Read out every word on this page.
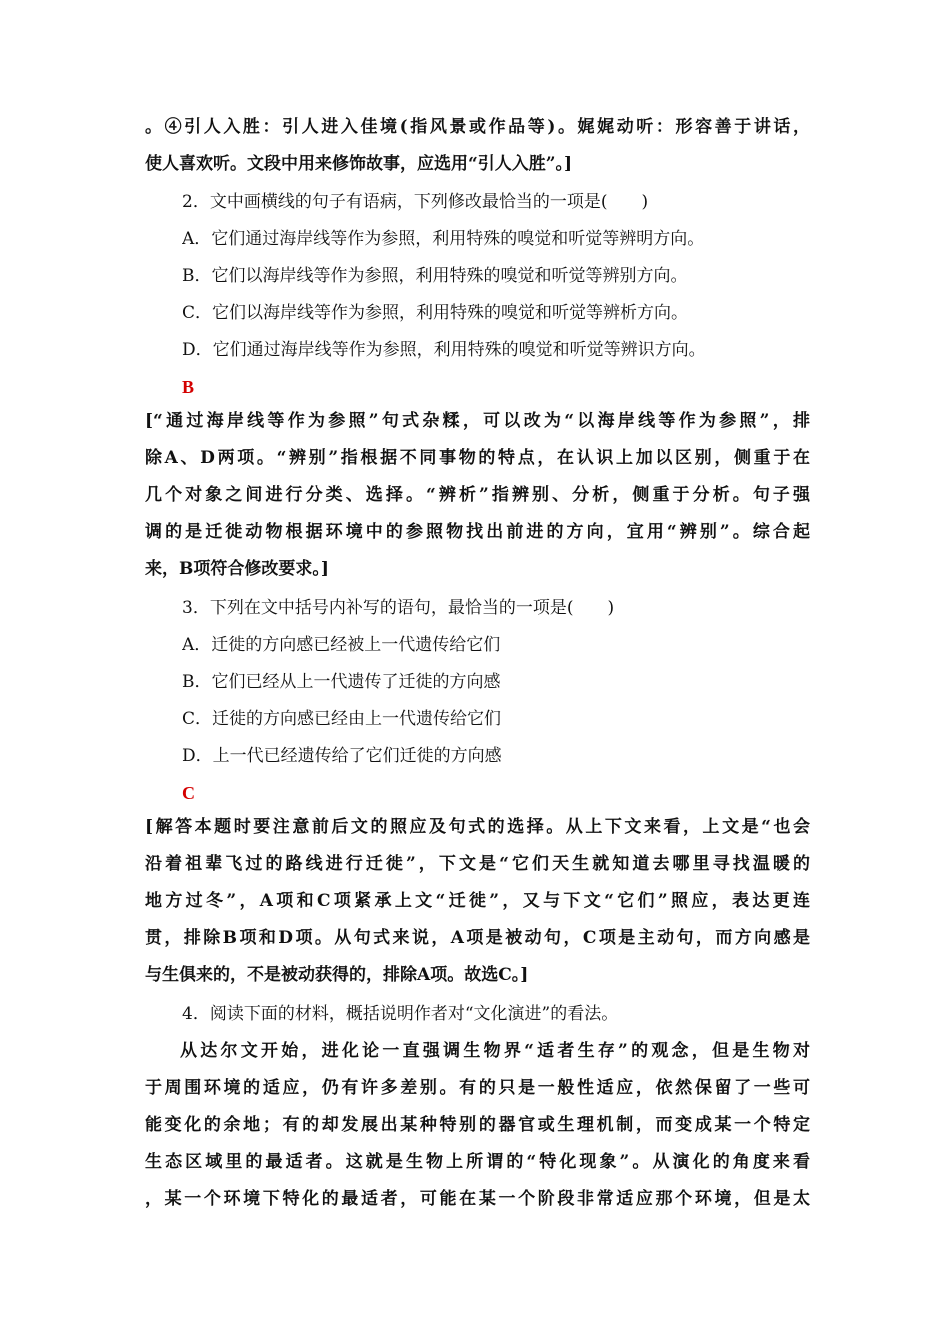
。④引人入胜：引人进入佳境(指风景或作品等)。娓娓动听：形容善于讲话，
使人喜欢听。文段中用来修饰故事，应选用“引人入胜”。]
2．文中画横线的句子有语病，下列修改最恰当的一项是(　　)
A．它们通过海岸线等作为参照，利用特殊的嗅觉和听觉等辨明方向。
B．它们以海岸线等作为参照，利用特殊的嗅觉和听觉等辨别方向。
C．它们以海岸线等作为参照，利用特殊的嗅觉和听觉等辨析方向。
D．它们通过海岸线等作为参照，利用特殊的嗅觉和听觉等辨识方向。
B
[“通过海岸线等作为参照”句式杂糅，可以改为“以海岸线等作为参照”，排
除A、D两项。“辨别”指根据不同事物的特点，在认识上加以区别，侧重于在
几个对象之间进行分类、选择。“辨析”指辨别、分析，侧重于分析。句子强
调的是迁徙动物根据环境中的参照物找出前进的方向，宜用“辨别”。综合起
来，B项符合修改要求。]
3．下列在文中括号内补写的语句，最恰当的一项是(　　)
A．迁徙的方向感已经被上一代遗传给它们
B．它们已经从上一代遗传了迁徙的方向感
C．迁徙的方向感已经由上一代遗传给它们
D．上一代已经遗传给了它们迁徙的方向感
C
[解答本题时要注意前后文的照应及句式的选择。从上下文来看，上文是“也会
沿着祖辈飞过的路线进行迁徙”，下文是“它们天生就知道去哪里寻找温暖的
地方过冬”，A项和C项紧承上文“迁徙”，又与下文“它们”照应，表达更连
贯，排除B项和D项。从句式来说，A项是被动句，C项是主动句，而方向感是
与生俱来的，不是被动获得的，排除A项。故选C。]
4．阅读下面的材料，概括说明作者对“文化演进”的看法。
从达尔文开始，进化论一直强调生物界“适者生存”的观念，但是生物对
于周围环境的适应，仍有许多差别。有的只是一般性适应，依然保留了一些可
能变化的余地；有的却发展出某种特别的器官或生理机制，而变成某一个特定
生态区域里的最适者。这就是生物上所谓的“特化现象”。从演化的角度来看
，某一个环境下特化的最适者，可能在某一个阶段非常适应那个环境，但是太
